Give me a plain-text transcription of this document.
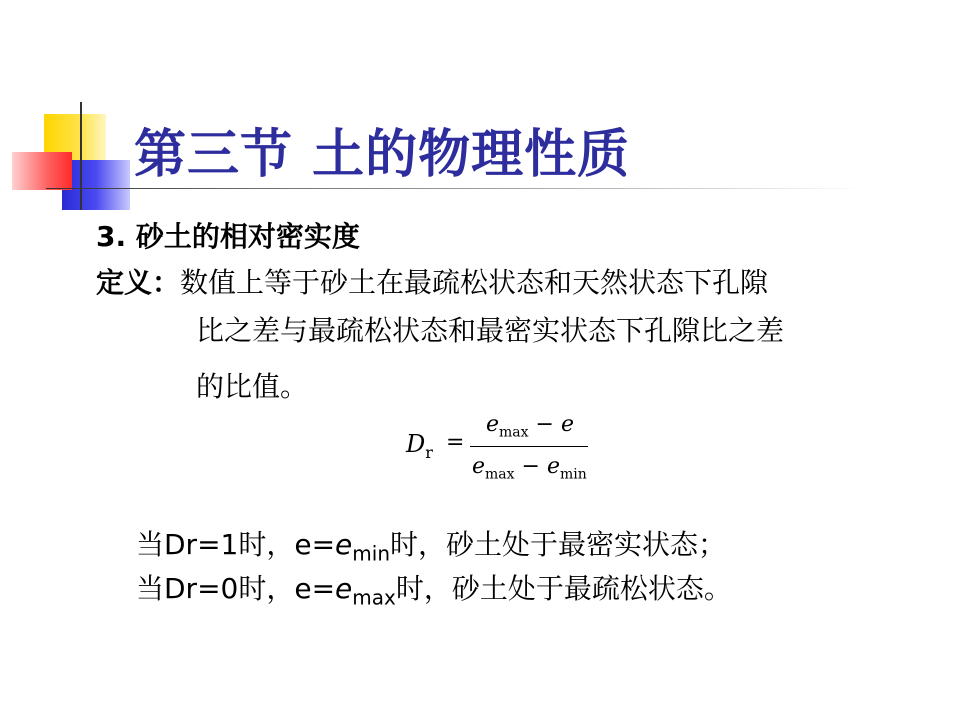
第三节 土的物理性质
3. 砂土的相对密实度
定义：数值上等于砂土在最疏松状态和天然状态下孔隙
比之差与最疏松状态和最密实状态下孔隙比之差
的比值。
$D_r$ =
$e_{max} - e$
$e_{max} - e_{min}$
当Dr=1时，$e=e_{min}$时，砂土处于最密实状态；
当Dr=0时，$e=e_{max}$时，砂土处于最疏松状态。
